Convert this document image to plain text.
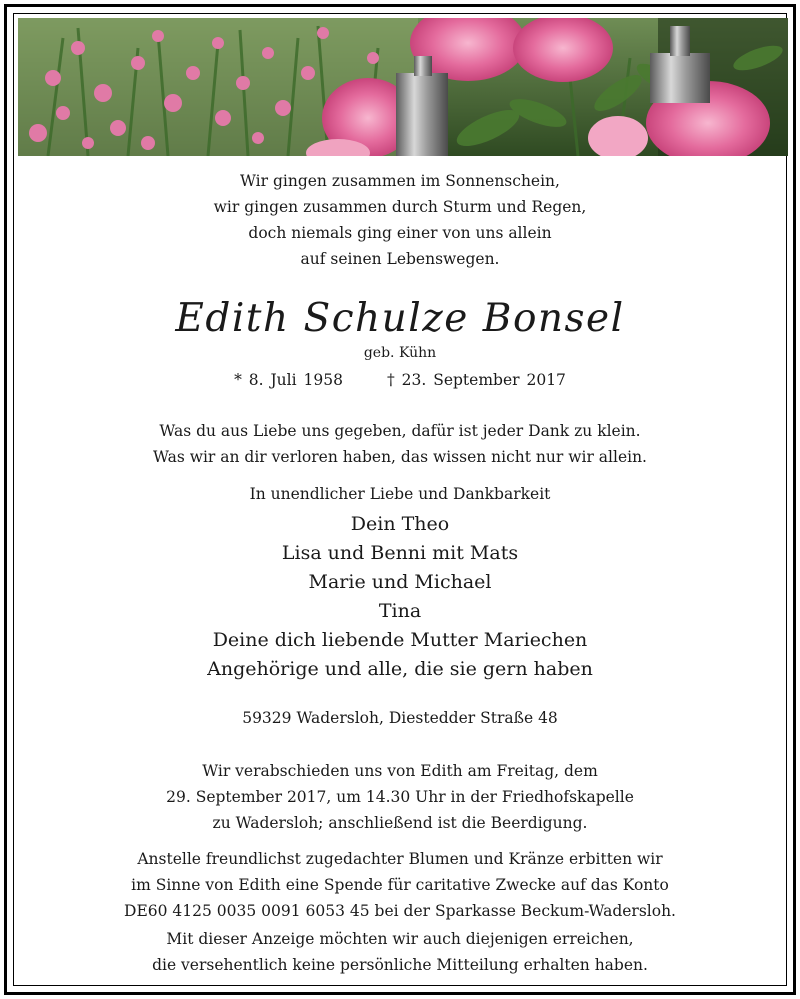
Wir gingen zusammen im Sonnenschein,
wir gingen zusammen durch Sturm und Regen,
doch niemals ging einer von uns allein
auf seinen Lebenswegen.
Edith Schulze Bonsel
geb. Kühn
* 8. Juli 1958	† 23. September 2017
Was du aus Liebe uns gegeben, dafür ist jeder Dank zu klein.
Was wir an dir verloren haben, das wissen nicht nur wir allein.
In unendlicher Liebe und Dankbarkeit
Dein Theo
Lisa und Benni mit Mats
Marie und Michael
Tina
Deine dich liebende Mutter Mariechen
Angehörige und alle, die sie gern haben
59329 Wadersloh, Diestedder Straße 48
Wir verabschieden uns von Edith am Freitag, dem
29. September 2017, um 14.30 Uhr in der Friedhofskapelle
zu Wadersloh; anschließend ist die Beerdigung.
Anstelle freundlichst zugedachter Blumen und Kränze erbitten wir
im Sinne von Edith eine Spende für caritative Zwecke auf das Konto
DE60 4125 0035 0091 6053 45 bei der Sparkasse Beckum-Wadersloh.
Mit dieser Anzeige möchten wir auch diejenigen erreichen,
die versehentlich keine persönliche Mitteilung erhalten haben.
